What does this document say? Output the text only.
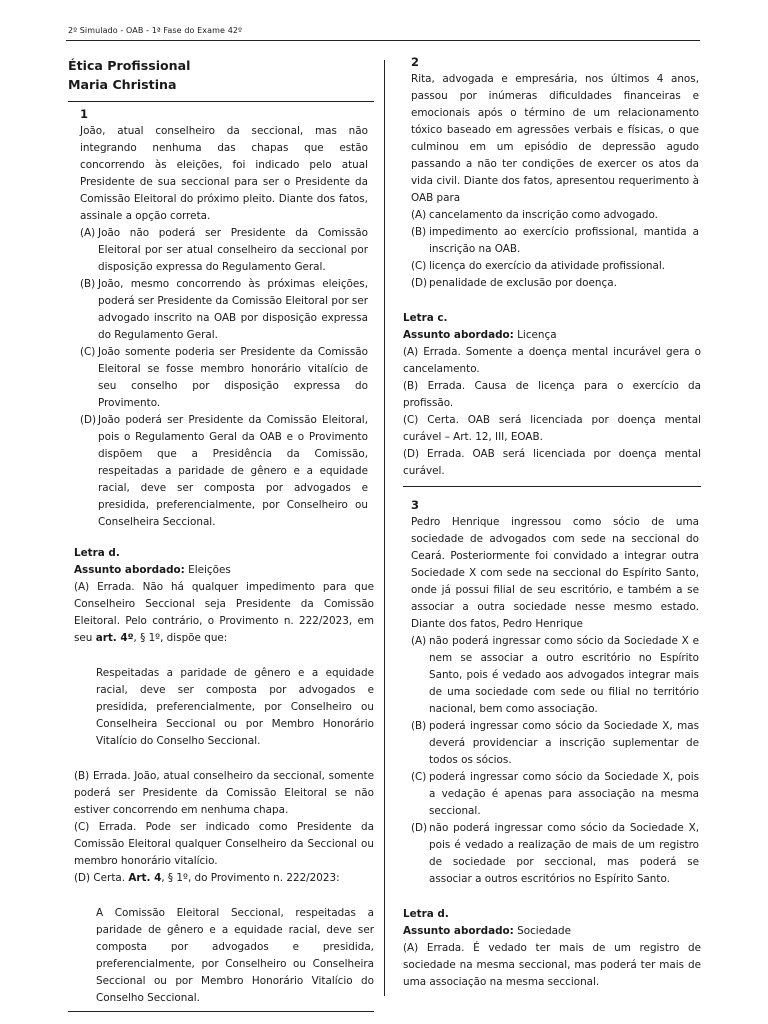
2º Simulado - OAB - 1ª Fase do Exame 42º
Ética Profissional
Maria Christina
1

João, atual conselheiro da seccional, mas não integrando nenhuma das chapas que estão concorrendo às eleições, foi indicado pelo atual Presidente de sua seccional para ser o Presidente da Comissão Eleitoral do próximo pleito. Diante dos fatos, assinale a opção correta.

(A) João não poderá ser Presidente da Comissão Eleitoral por ser atual conselheiro da seccional por disposição expressa do Regulamento Geral.
(B) João, mesmo concorrendo às próximas eleições, poderá ser Presidente da Comissão Eleitoral por ser advogado inscrito na OAB por disposição expressa do Regulamento Geral.
(C) João somente poderia ser Presidente da Comissão Eleitoral se fosse membro honorário vitalício de seu conselho por disposição expressa do Provimento.
(D) João poderá ser Presidente da Comissão Eleitoral, pois o Regulamento Geral da OAB e o Provimento dispõem que a Presidência da Comissão, respeitadas a paridade de gênero e a equidade racial, deve ser composta por advogados e presidida, preferencialmente, por Conselheiro ou Conselheira Seccional.
Letra d.
Assunto abordado: Eleições

(A) Errada. Não há qualquer impedimento para que Conselheiro Seccional seja Presidente da Comissão Eleitoral. Pelo contrário, o Provimento n. 222/2023, em seu art. 4º, § 1º, dispõe que:

Respeitadas a paridade de gênero e a equidade racial, deve ser composta por advogados e presidida, preferencialmente, por Conselheiro ou Conselheira Seccional ou por Membro Honorário Vitalício do Conselho Seccional.

(B) Errada. João, atual conselheiro da seccional, somente poderá ser Presidente da Comissão Eleitoral se não estiver concorrendo em nenhuma chapa.

(C) Errada. Pode ser indicado como Presidente da Comissão Eleitoral qualquer Conselheiro da Seccional ou membro honorário vitalício.

(D) Certa. Art. 4, § 1º, do Provimento n. 222/2023:

A Comissão Eleitoral Seccional, respeitadas a paridade de gênero e a equidade racial, deve ser composta por advogados e presidida, preferencialmente, por Conselheiro ou Conselheira Seccional ou por Membro Honorário Vitalício do Conselho Seccional.

2

Rita, advogada e empresária, nos últimos 4 anos, passou por inúmeras dificuldades financeiras e emocionais após o término de um relacionamento tóxico baseado em agressões verbais e físicas, o que culminou em um episódio de depressão agudo passando a não ter condições de exercer os atos da vida civil. Diante dos fatos, apresentou requerimento à OAB para

(A) cancelamento da inscrição como advogado.
(B) impedimento ao exercício profissional, mantida a inscrição na OAB.
(C) licença do exercício da atividade profissional.
(D) penalidade de exclusão por doença.
Letra c.
Assunto abordado: Licença

(A) Errada. Somente a doença mental incurável gera o cancelamento.

(B) Errada. Causa de licença para o exercício da profissão.

(C) Certa. OAB será licenciada por doença mental curável – Art. 12, III, EOAB.

(D) Errada. OAB será licenciada por doença mental curável.

3

Pedro Henrique ingressou como sócio de uma sociedade de advogados com sede na seccional do Ceará. Posteriormente foi convidado a integrar outra Sociedade X com sede na seccional do Espírito Santo, onde já possui filial de seu escritório, e também a se associar a outra sociedade nesse mesmo estado. Diante dos fatos, Pedro Henrique

(A) não poderá ingressar como sócio da Sociedade X e nem se associar a outro escritório no Espírito Santo, pois é vedado aos advogados integrar mais de uma sociedade com sede ou filial no território nacional, bem como associação.
(B) poderá ingressar como sócio da Sociedade X, mas deverá providenciar a inscrição suplementar de todos os sócios.
(C) poderá ingressar como sócio da Sociedade X, pois a vedação é apenas para associação na mesma seccional.
(D) não poderá ingressar como sócio da Sociedade X, pois é vedado a realização de mais de um registro de sociedade por seccional, mas poderá se associar a outros escritórios no Espírito Santo.
Letra d.
Assunto abordado: Sociedade

(A) Errada. É vedado ter mais de um registro de sociedade na mesma seccional, mas poderá ter mais de uma associação na mesma seccional.
